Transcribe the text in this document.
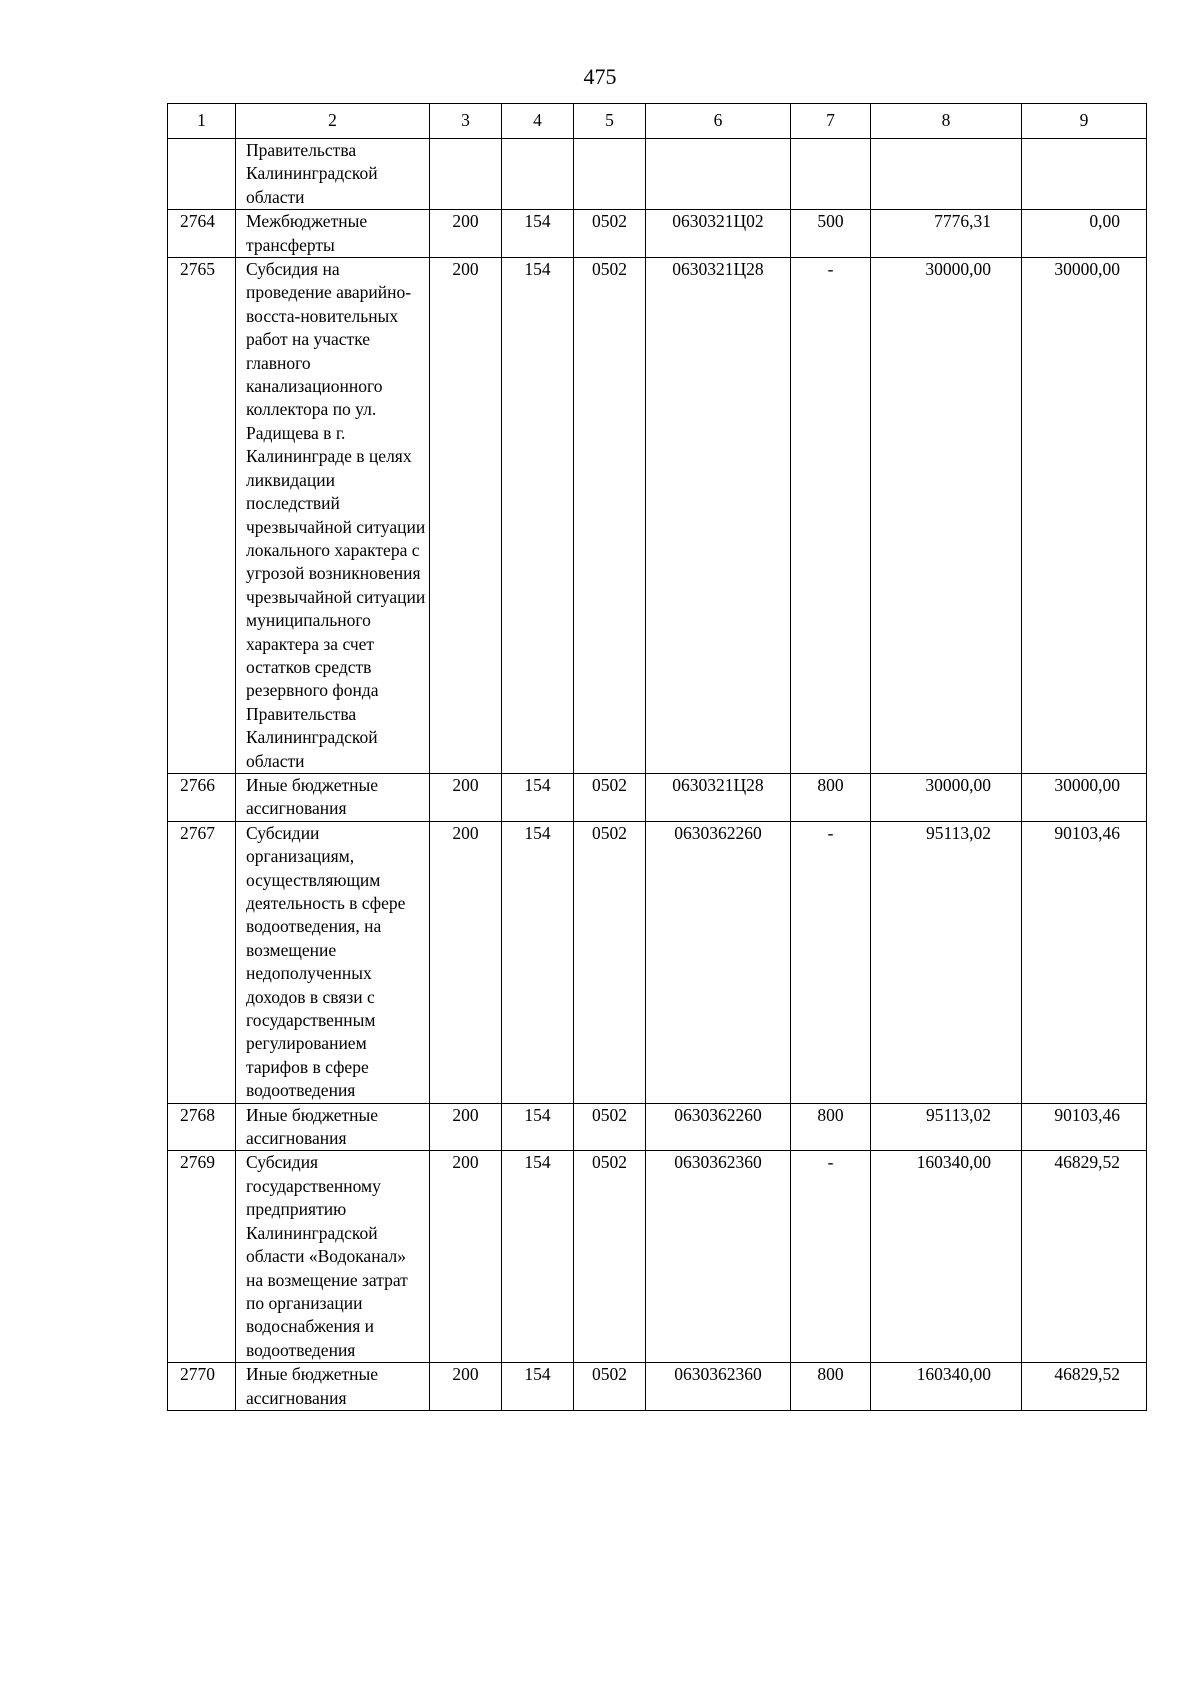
475
1	2	3	4	5	6	7	8	9
	Правительства Калининградской области							
2764	Межбюджетные трансферты	200	154	0502	0630321Ц02	500	7776,31	0,00
2765	Субсидия на проведение аварийно-восста-новительных работ на участке главного канализационного коллектора по ул. Радищева в г. Калининграде в целях ликвидации последствий чрезвычайной ситуации локального характера с угрозой возникновения чрезвычайной ситуации муниципального характера за счет остатков средств резервного фонда Правительства Калининградской области	200	154	0502	0630321Ц28	-	30000,00	30000,00
2766	Иные бюджетные ассигнования	200	154	0502	0630321Ц28	800	30000,00	30000,00
2767	Субсидии организациям, осуществляющим деятельность в сфере водоотведения, на возмещение недополученных доходов в связи с государственным регулированием тарифов в сфере водоотведения	200	154	0502	0630362260	-	95113,02	90103,46
2768	Иные бюджетные ассигнования	200	154	0502	0630362260	800	95113,02	90103,46
2769	Субсидия государственному предприятию Калининградской области «Водоканал» на возмещение затрат по организации водоснабжения и водоотведения	200	154	0502	0630362360	-	160340,00	46829,52
2770	Иные бюджетные ассигнования	200	154	0502	0630362360	800	160340,00	46829,52
